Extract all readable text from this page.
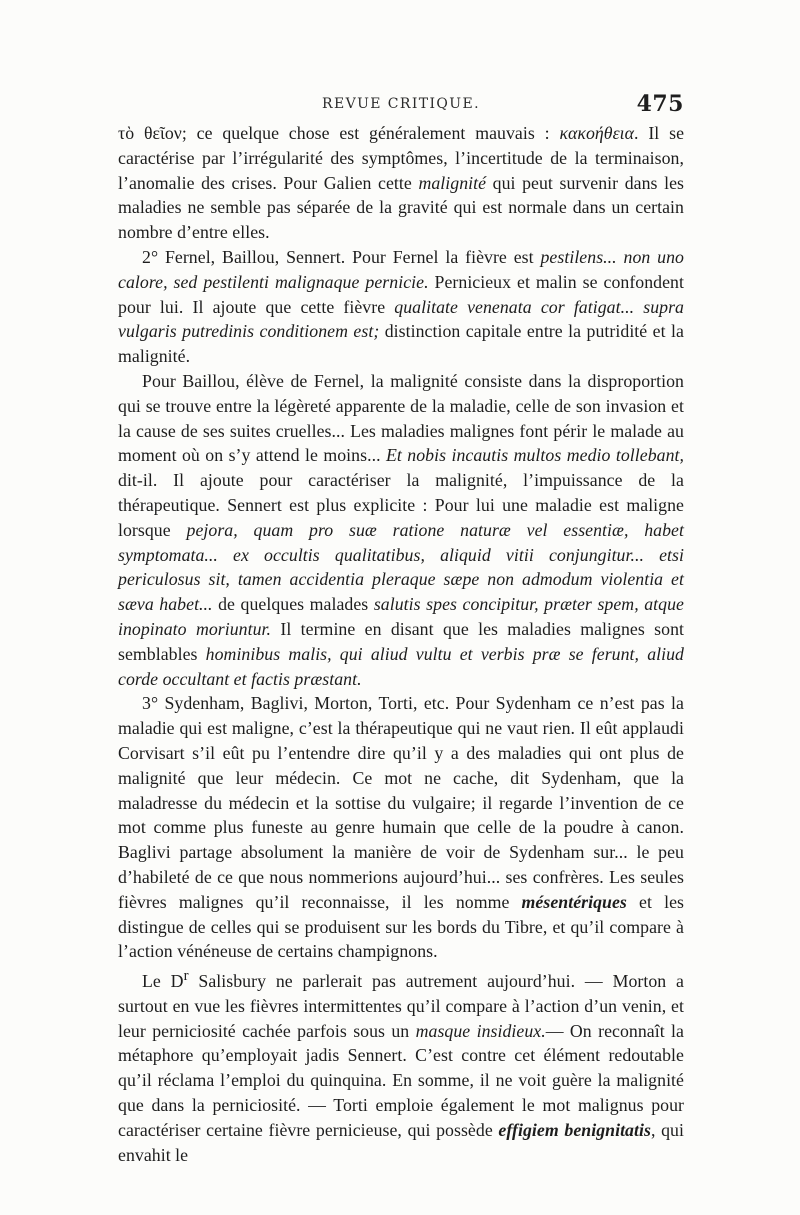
REVUE CRITIQUE.	475

τὸ θεῖον; ce quelque chose est généralement mauvais : κακοήθεια. Il se caractérise par l’irrégularité des symptômes, l’incertitude de la terminaison, l’anomalie des crises. Pour Galien cette malignité qui peut survenir dans les maladies ne semble pas séparée de la gravité qui est normale dans un certain nombre d’entre elles.

2° Fernel, Baillou, Sennert. Pour Fernel la fièvre est pestilens... non uno calore, sed pestilenti malignaque pernicie. Pernicieux et malin se confondent pour lui. Il ajoute que cette fièvre qualitate venenata cor fatigat... supra vulgaris putredinis conditionem est; distinction capitale entre la putridité et la malignité.

Pour Baillou, élève de Fernel, la malignité consiste dans la disproportion qui se trouve entre la légèreté apparente de la maladie, celle de son invasion et la cause de ses suites cruelles... Les maladies malignes font périr le malade au moment où on s’y attend le moins... Et nobis incautis multos medio tollebant, dit-il. Il ajoute pour caractériser la malignité, l’impuissance de la thérapeutique. Sennert est plus explicite : Pour lui une maladie est maligne lorsque pejora, quam pro suæ ratione naturæ vel essentiæ, habet symptomata... ex occultis qualitatibus, aliquid vitii conjungitur... etsi periculosus sit, tamen accidentia pleraque sæpe non admodum violentia et sæva habet... de quelques malades salutis spes concipitur, præter spem, atque inopinato moriuntur. Il termine en disant que les maladies malignes sont semblables hominibus malis, qui aliud vultu et verbis præ se ferunt, aliud corde occultant et factis præstant.

3° Sydenham, Baglivi, Morton, Torti, etc. Pour Sydenham ce n’est pas la maladie qui est maligne, c’est la thérapeutique qui ne vaut rien. Il eût applaudi Corvisart s’il eût pu l’entendre dire qu’il y a des maladies qui ont plus de malignité que leur médecin. Ce mot ne cache, dit Sydenham, que la maladresse du médecin et la sottise du vulgaire; il regarde l’invention de ce mot comme plus funeste au genre humain que celle de la poudre à canon. Baglivi partage absolument la manière de voir de Sydenham sur... le peu d’habileté de ce que nous nommerions aujourd’hui... ses confrères. Les seules fièvres malignes qu’il reconnaisse, il les nomme mésentériques et les distingue de celles qui se produisent sur les bords du Tibre, et qu’il compare à l’action vénéneuse de certains champignons.

Le $D^r$ Salisbury ne parlerait pas autrement aujourd’hui. — Morton a surtout en vue les fièvres intermittentes qu’il compare à l’action d’un venin, et leur perniciosité cachée parfois sous un masque insidieux.— On reconnaît la métaphore qu’employait jadis Sennert. C’est contre cet élément redoutable qu’il réclama l’emploi du quinquina. En somme, il ne voit guère la malignité que dans la perniciosité. — Torti emploie également le mot malignus pour caractériser certaine fièvre pernicieuse, qui possède effigiem benignitatis, qui envahit le
